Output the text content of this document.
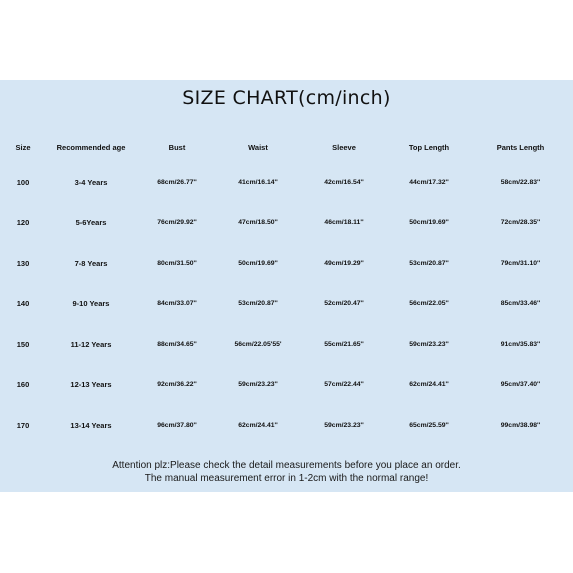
SIZE CHART(cm/inch)
Size	Recommended age	Bust	Waist	Sleeve	Top Length	Pants Length
100	3-4 Years	68cm/26.77''	41cm/16.14''	42cm/16.54''	44cm/17.32''	58cm/22.83''
120	5-6Years	76cm/29.92''	47cm/18.50''	46cm/18.11''	50cm/19.69''	72cm/28.35''
130	7-8 Years	80cm/31.50''	50cm/19.69''	49cm/19.29''	53cm/20.87''	79cm/31.10''
140	9-10 Years	84cm/33.07''	53cm/20.87''	52cm/20.47''	56cm/22.05''	85cm/33.46''
150	11-12 Years	88cm/34.65''	56cm/22.05'55'	55cm/21.65''	59cm/23.23''	91cm/35.83''
160	12-13 Years	92cm/36.22''	59cm/23.23''	57cm/22.44''	62cm/24.41''	95cm/37.40''
170	13-14 Years	96cm/37.80''	62cm/24.41''	59cm/23.23''	65cm/25.59''	99cm/38.98''
Attention plz:Please check the detail measurements before you place an order.
The manual measurement error in 1-2cm with the normal range!
